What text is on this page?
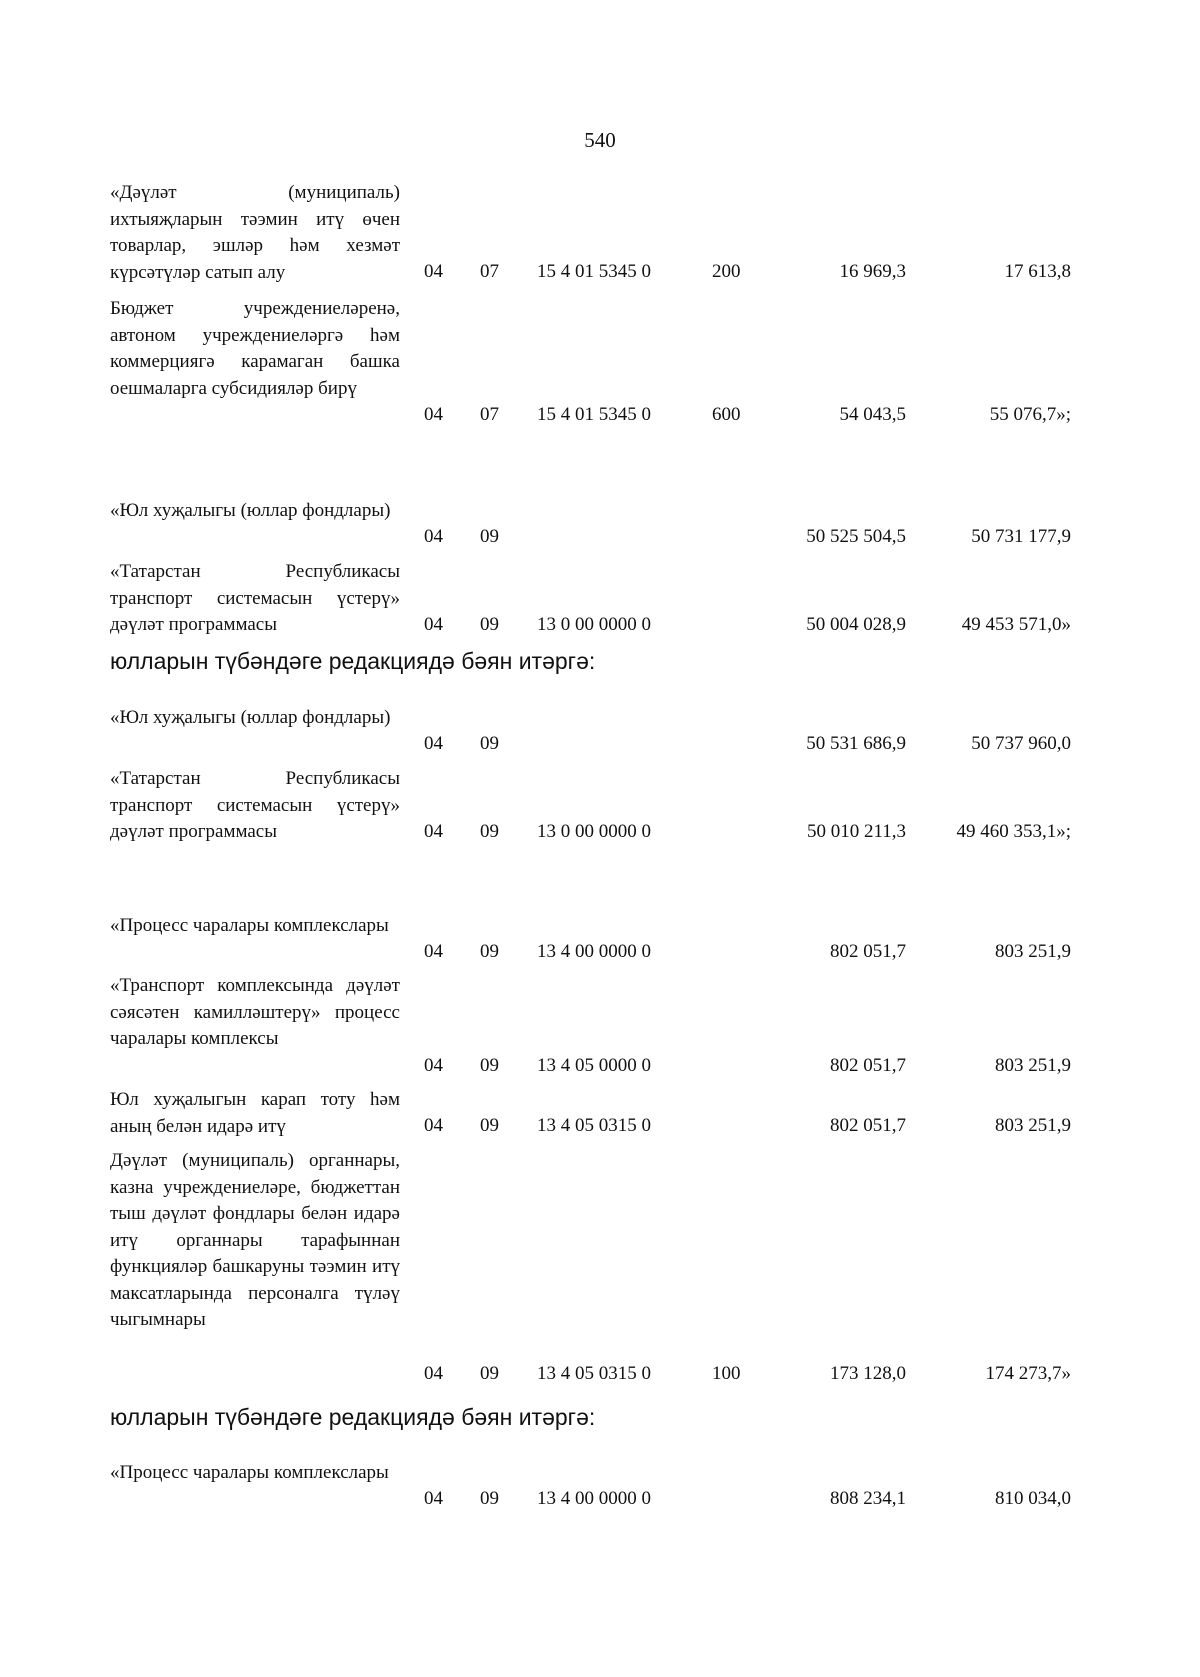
540
«Дәүләт (муниципаль) ихтыяҗларын тәэмин итү өчен товарлар, эшләр һәм хезмәт күрсәтүләр сатып алу	04 07 15 4 01 5345 0	200	16 969,3	17 613,8
Бюджет учреждениеләренә, автоном учреждениеләргә һәм коммерциягә карамаган башка оешмаларга субсидияләр бирү
04 07 15 4 01 5345 0	600	54 043,5	55 076,7»;
«Юл хуҗалыгы (юллар фондлары)
04 09	50 525 504,5	50 731 177,9
«Татарстан Республикасы транспорт системасын үстерү» дәүләт программасы	04 09 13 0 00 0000 0	50 004 028,9	49 453 571,0»
юлларын түбәндәге редакциядә бәян итәргә:
«Юл хуҗалыгы (юллар фондлары)
04 09	50 531 686,9	50 737 960,0
«Татарстан Республикасы транспорт системасын үстерү» дәүләт программасы	04 09 13 0 00 0000 0	50 010 211,3	49 460 353,1»;
«Процесс чаралары комплекслары
04 09 13 4 00 0000 0	802 051,7	803 251,9
«Транспорт комплексында дәүләт сәясәтен камилләштерү» процесс чаралары комплексы
04 09 13 4 05 0000 0	802 051,7	803 251,9
Юл хуҗалыгын карап тоту һәм аның белән идарә итү	04 09 13 4 05 0315 0	802 051,7	803 251,9
Дәүләт (муниципаль) органнары, казна учреждениеләре, бюджеттан тыш дәүләт фондлары белән идарә итү органнары тарафыннан функцияләр башкаруны тәэмин итү максатларында персоналга түләү чыгымнары
04 09 13 4 05 0315 0	100	173 128,0	174 273,7»
юлларын түбәндәге редакциядә бәян итәргә:
«Процесс чаралары комплекслары
04 09 13 4 00 0000 0	808 234,1	810 034,0
